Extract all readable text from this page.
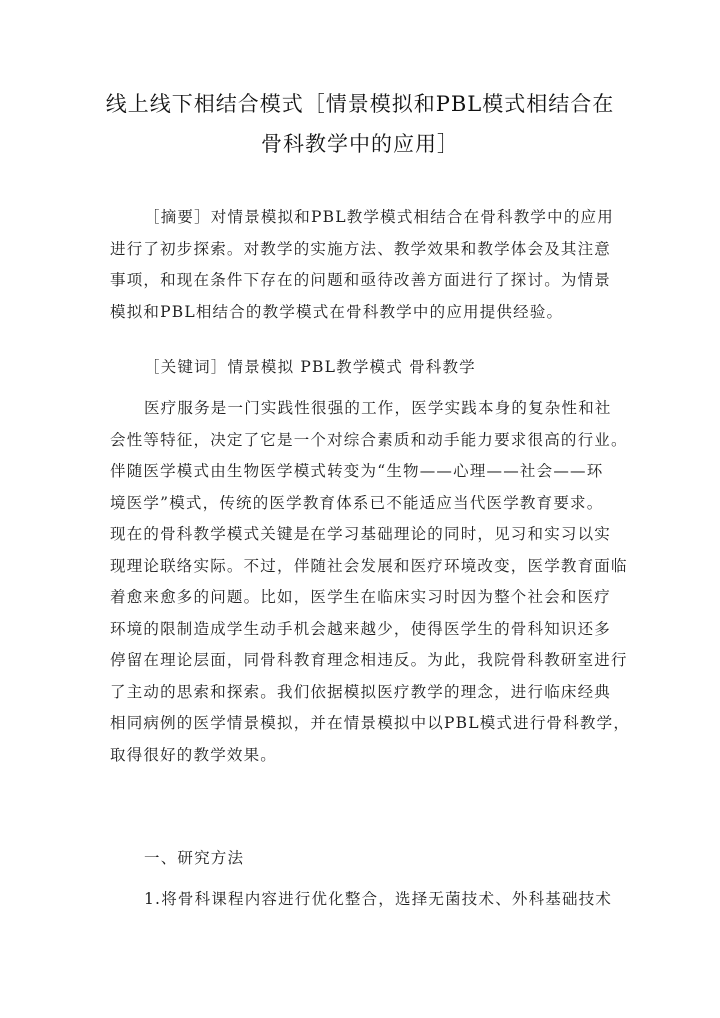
线上线下相结合模式［情景模拟和PBL模式相结合在
骨科教学中的应用］
［摘要］对情景模拟和PBL教学模式相结合在骨科教学中的应用
进行了初步探索。对教学的实施方法、教学效果和教学体会及其注意
事项，和现在条件下存在的问题和亟待改善方面进行了探讨。为情景
模拟和PBL相结合的教学模式在骨科教学中的应用提供经验。
［关键词］情景模拟 PBL教学模式 骨科教学
医疗服务是一门实践性很强的工作，医学实践本身的复杂性和社
会性等特征，决定了它是一个对综合素质和动手能力要求很高的行业。
伴随医学模式由生物医学模式转变为“生物——心理——社会——环
境医学”模式，传统的医学教育体系已不能适应当代医学教育要求。
现在的骨科教学模式关键是在学习基础理论的同时，见习和实习以实
现理论联络实际。不过，伴随社会发展和医疗环境改变，医学教育面临
着愈来愈多的问题。比如，医学生在临床实习时因为整个社会和医疗
环境的限制造成学生动手机会越来越少，使得医学生的骨科知识还多
停留在理论层面，同骨科教育理念相违反。为此，我院骨科教研室进行
了主动的思索和探索。我们依据模拟医疗教学的理念，进行临床经典
相同病例的医学情景模拟，并在情景模拟中以PBL模式进行骨科教学，
取得很好的教学效果。
一、研究方法
1.将骨科课程内容进行优化整合，选择无菌技术、外科基础技术
